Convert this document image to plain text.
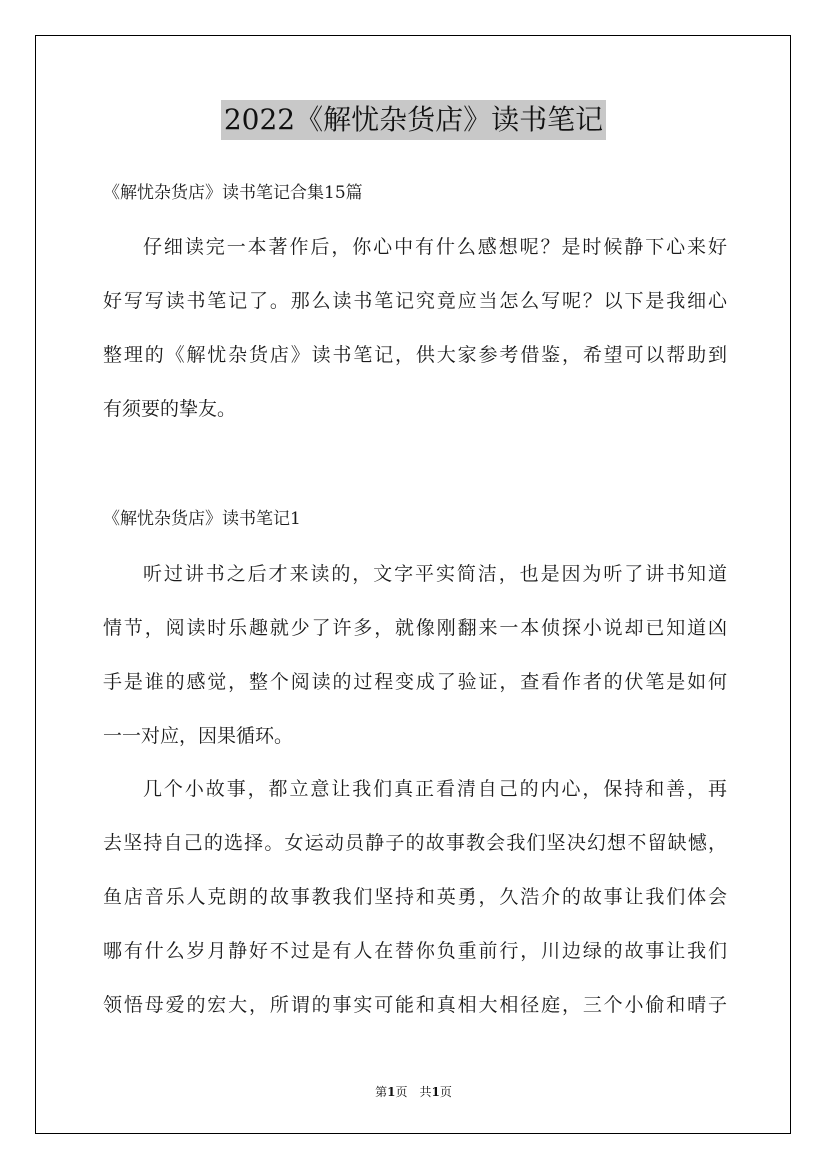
2022《解忧杂货店》读书笔记
《解忧杂货店》读书笔记合集15篇
仔细读完一本著作后，你心中有什么感想呢？是时候静下心来好
好写写读书笔记了。那么读书笔记究竟应当怎么写呢？以下是我细心
整理的《解忧杂货店》读书笔记，供大家参考借鉴，希望可以帮助到
有须要的挚友。
《解忧杂货店》读书笔记1
听过讲书之后才来读的，文字平实简洁，也是因为听了讲书知道
情节，阅读时乐趣就少了许多，就像刚翻来一本侦探小说却已知道凶
手是谁的感觉，整个阅读的过程变成了验证，查看作者的伏笔是如何
一一对应，因果循环。
几个小故事，都立意让我们真正看清自己的内心，保持和善，再
去坚持自己的选择。女运动员静子的故事教会我们坚决幻想不留缺憾，
鱼店音乐人克朗的故事教我们坚持和英勇，久浩介的故事让我们体会
哪有什么岁月静好不过是有人在替你负重前行，川边绿的故事让我们
领悟母爱的宏大，所谓的事实可能和真相大相径庭，三个小偷和晴子
第1页 共1页
